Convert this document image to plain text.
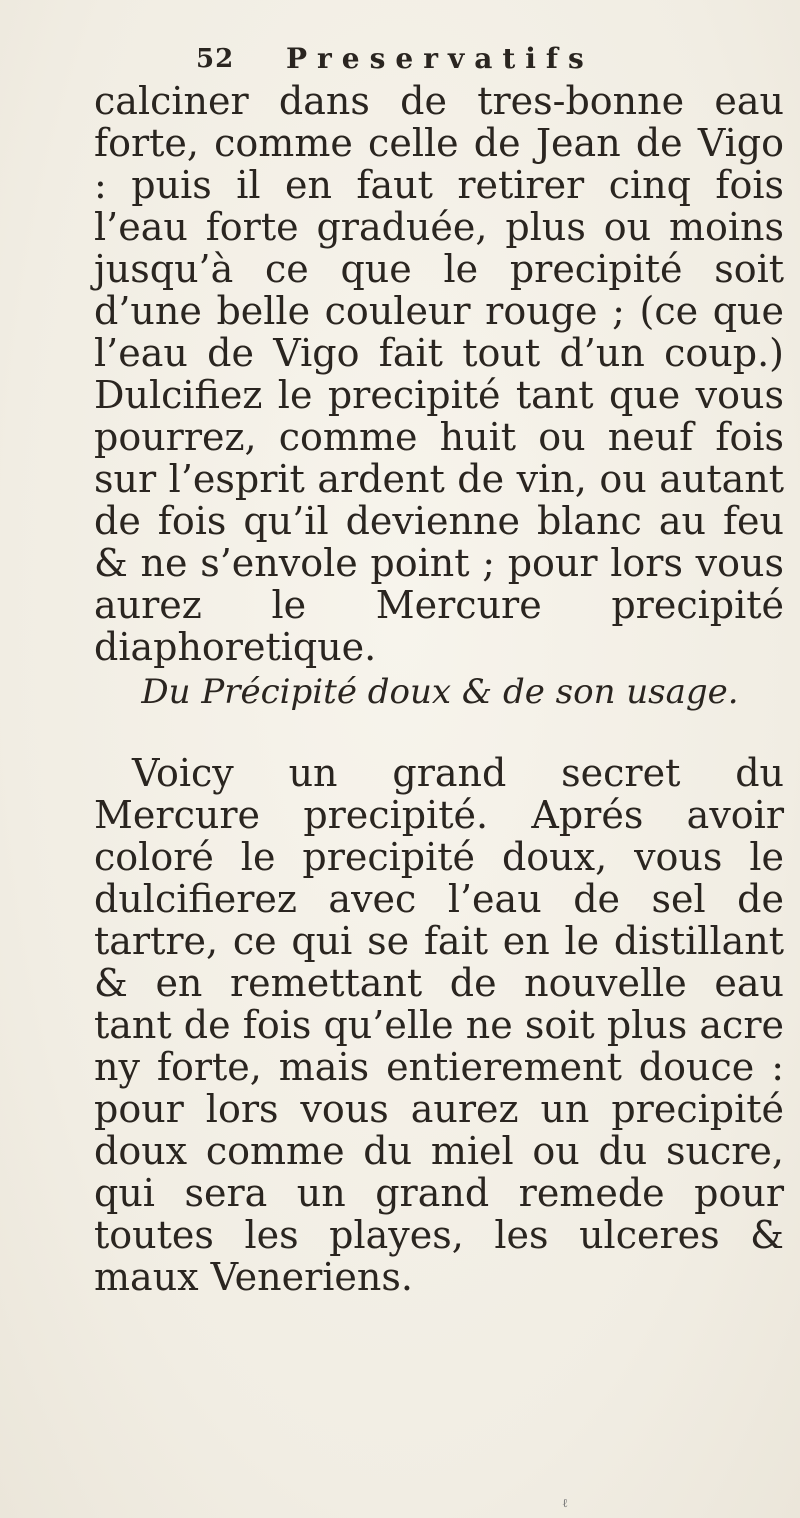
52 Preservatifs

calciner dans de tres-bonne eau forte, comme celle de Jean de Vigo : puis il en faut retirer cinq fois l’eau forte graduée, plus ou moins jusqu’à ce que le precipité soit d’une belle couleur rouge ; (ce que l’eau de Vigo fait tout d’un coup.) Dulcifiez le precipité tant que vous pourrez, comme huit ou neuf fois sur l’esprit ardent de vin, ou autant de fois qu’il devienne blanc au feu & ne s’envole point ; pour lors vous aurez le Mercure precipité diaphoretique.

Du Précipité doux & de son usage.

Voicy un grand secret du Mercure precipité. Aprés avoir coloré le precipité doux, vous le dulcifierez avec l’eau de sel de tartre, ce qui se fait en le distillant & en remettant de nouvelle eau tant de fois qu’elle ne soit plus acre ny forte, mais entierement douce : pour lors vous aurez un precipité doux comme du miel ou du sucre, qui sera un grand remede pour toutes les playes, les ulceres & maux Veneriens.

ℓ
